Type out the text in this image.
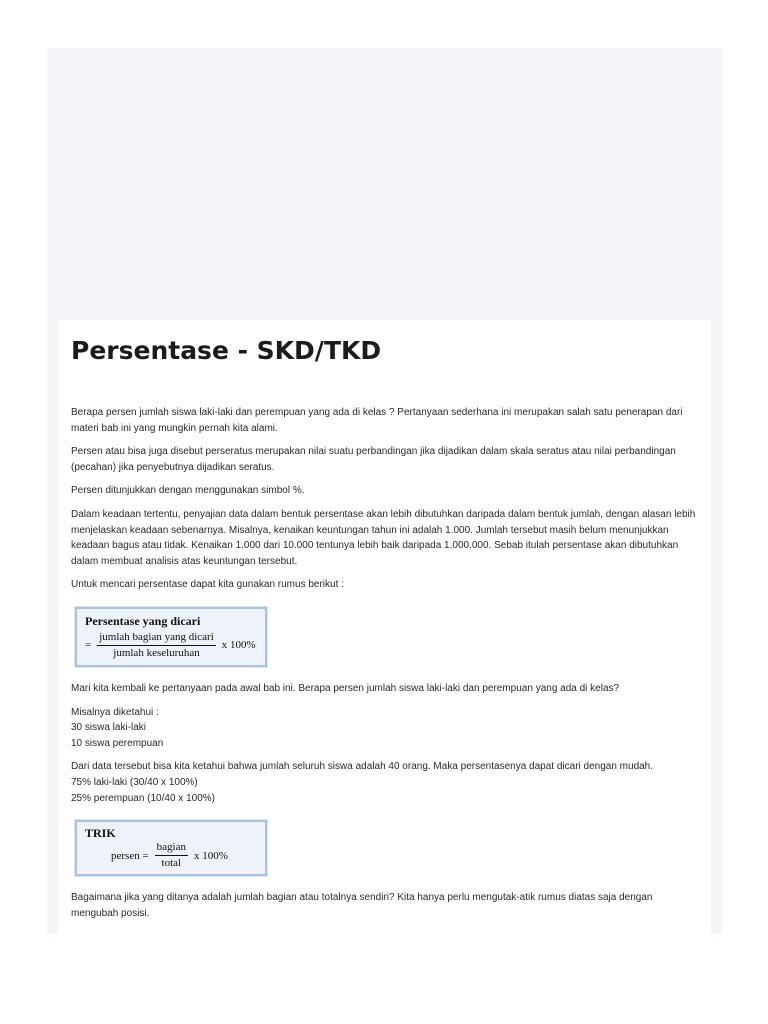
Persentase - SKD/TKD

Berapa persen jumlah siswa laki-laki dan perempuan yang ada di kelas ? Pertanyaan sederhana ini merupakan salah satu penerapan dari materi bab ini yang mungkin pernah kita alami.

Persen atau bisa juga disebut perseratus merupakan nilai suatu perbandingan jika dijadikan dalam skala seratus atau nilai perbandingan (pecahan) jika penyebutnya dijadikan seratus.

Persen ditunjukkan dengan menggunakan simbol %.

Dalam keadaan tertentu, penyajian data dalam bentuk persentase akan lebih dibutuhkan daripada dalam bentuk jumlah, dengan alasan lebih menjelaskan keadaan sebenarnya. Misalnya, kenaikan keuntungan tahun ini adalah 1.000. Jumlah tersebut masih belum menunjukkan keadaan bagus atau tidak. Kenaikan 1.000 dari 10.000 tentunya lebih baik daripada 1.000.000. Sebab itulah persentase akan dibutuhkan dalam membuat analisis atas keuntungan tersebut.

Untuk mencari persentase dapat kita gunakan rumus berikut :

Persentase yang dicari
= $\frac{\text{jumlah bagian yang dicari}}{\text{jumlah keseluruhan}}$ x 100%

Mari kita kembali ke pertanyaan pada awal bab ini. Berapa persen jumlah siswa laki-laki dan perempuan yang ada di kelas?

Misalnya diketahui :
30 siswa laki-laki
10 siswa perempuan

Dari data tersebut bisa kita ketahui bahwa jumlah seluruh siswa adalah 40 orang. Maka persentasenya dapat dicari dengan mudah.
75% laki-laki (30/40 x 100%)
25% perempuan (10/40 x 100%)

TRIK
persen = $\frac{\text{bagian}}{\text{total}}$ x 100%

Bagaimana jika yang ditanya adalah jumlah bagian atau totalnya sendiri? Kita hanya perlu mengutak-atik rumus diatas saja dengan mengubah posisi.
